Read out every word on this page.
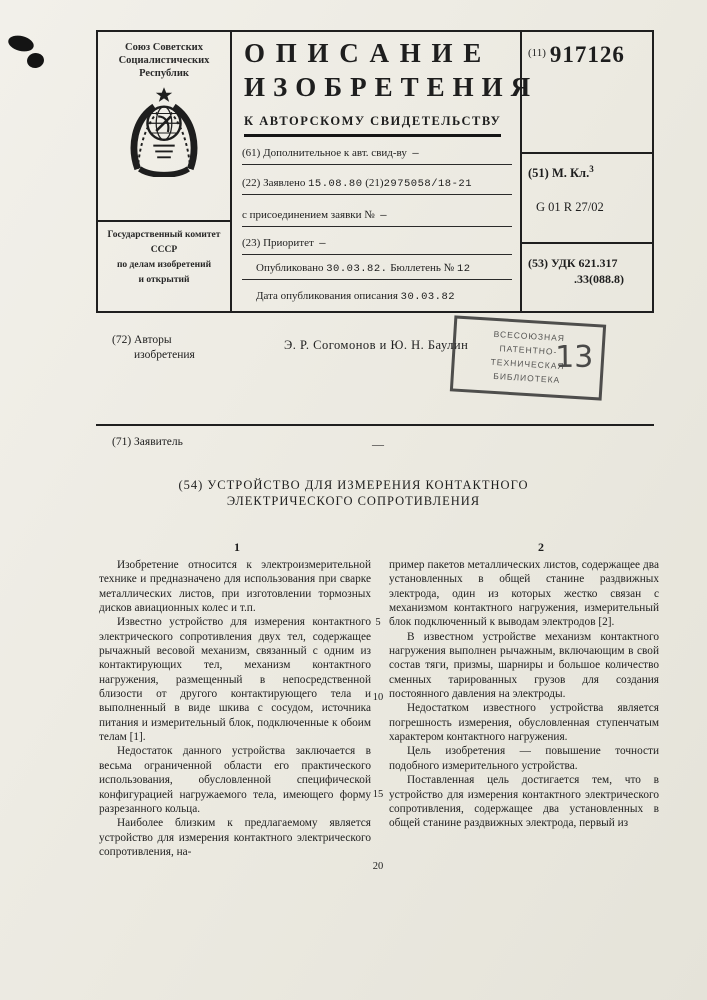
Союз Советских

Социалистических

Республик

Государственный комитет

СССР

по делам изобретений

и открытий

О П И С А Н И Е
ИЗОБРЕТЕНИЯ
К АВТОРСКОМУ СВИДЕТЕЛЬСТВУ
(61) Дополнительное к авт. свид-ву —
(22) Заявлено 15.08.80 (21)2975058/18-21
с присоединением заявки № —
(23) Приоритет —
Опубликовано 30.03.82. Бюллетень № 12
Дата опубликования описания 30.03.82
$^{(11)}$ 917126
(51) М. Кл.$^3$
G 01 R 27/02
(53) УДК 621.317
.33(088.8)

(72) Авторы

изобретения

Э. Р. Согомонов и Ю. Н. Баулин

ВСЕСОЮЗНАЯ

ПАТЕНТНО-

ТЕХНИЧЕСКАЯ

БИБЛИОТЕКА

13
(71) Заявитель	—
(54) УСТРОЙСТВО ДЛЯ ИЗМЕРЕНИЯ КОНТАКТНОГО
ЭЛЕКТРИЧЕСКОГО СОПРОТИВЛЕНИЯ
1	2

Изобретение относится к электроизмерительной технике и предназначено для использования при сварке металлических листов, при изготовлении тормозных дисков авиационных колес и т.п.

Известно устройство для измерения контактного электрического сопротивления двух тел, содержащее рычажный весовой механизм, связанный с одним из контактирующих тел, механизм контактного нагружения, размещенный в непосредственной близости от другого контактирующего тела и выполненный в виде шкива с сосудом, источника питания и измерительный блок, подключенные к обоим телам [1].

Недостаток данного устройства заключается в весьма ограниченной области его практического использования, обусловленной специфической конфигурацией нагружаемого тела, имеющего форму разрезанного кольца.

Наиболее близким к предлагаемому является устройство для измерения контактного электрического сопротивления, на-

пример пакетов металлических листов, содержащее два установленных в общей станине раздвижных электрода, один из которых жестко связан с механизмом контактного нагружения, измерительный блок подключенный к выводам электродов [2].

В известном устройстве механизм контактного нагружения выполнен рычажным, включающим в свой состав тяги, призмы, шарниры и большое количество сменных тарированных грузов для создания постоянного давления на электроды.

Недостатком известного устройства является погрешность измерения, обусловленная ступенчатым характером контактного нагружения.

Цель изобретения — повышение точности подобного измерительного устройства.

Поставленная цель достигается тем, что в устройство для измерения контактного электрического сопротивления, содержащее два установленных в общей станине раздвижных электрода, первый из

5
10
15
20
